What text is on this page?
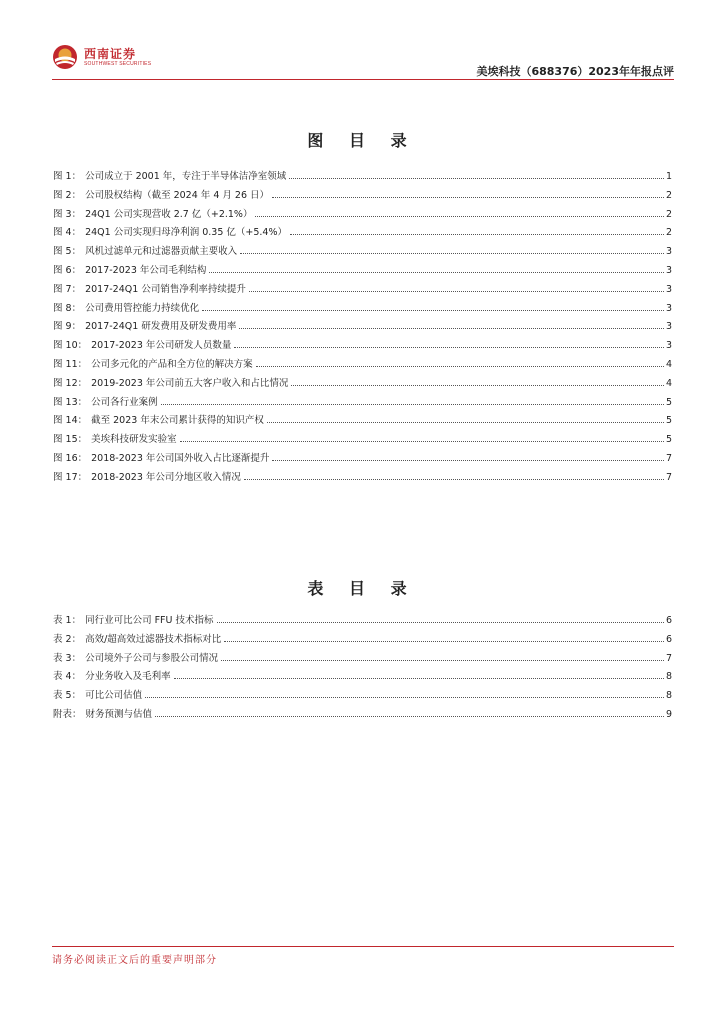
西南证券
SOUTHWEST SECURITIES
美埃科技（688376）2023年年报点评
图 目 录
图 1： 公司成立于 2001 年，专注于半导体洁净室领域	1
图 2： 公司股权结构（截至 2024 年 4 月 26 日）	2
图 3： 24Q1 公司实现营收 2.7 亿（+2.1%）	2
图 4： 24Q1 公司实现归母净利润 0.35 亿（+5.4%）	2
图 5： 风机过滤单元和过滤器贡献主要收入	3
图 6： 2017-2023 年公司毛利结构	3
图 7： 2017-24Q1 公司销售净利率持续提升	3
图 8： 公司费用管控能力持续优化	3
图 9： 2017-24Q1 研发费用及研发费用率	3
图 10： 2017-2023 年公司研发人员数量	3
图 11： 公司多元化的产品和全方位的解决方案	4
图 12： 2019-2023 年公司前五大客户收入和占比情况	4
图 13： 公司各行业案例	5
图 14： 截至 2023 年末公司累计获得的知识产权	5
图 15： 美埃科技研发实验室	5
图 16： 2018-2023 年公司国外收入占比逐渐提升	7
图 17： 2018-2023 年公司分地区收入情况	7
表 目 录
表 1： 同行业可比公司 FFU 技术指标	6
表 2： 高效/超高效过滤器技术指标对比	6
表 3： 公司境外子公司与参股公司情况	7
表 4： 分业务收入及毛利率	8
表 5： 可比公司估值	8
附表： 财务预测与估值	9
请务必阅读正文后的重要声明部分
